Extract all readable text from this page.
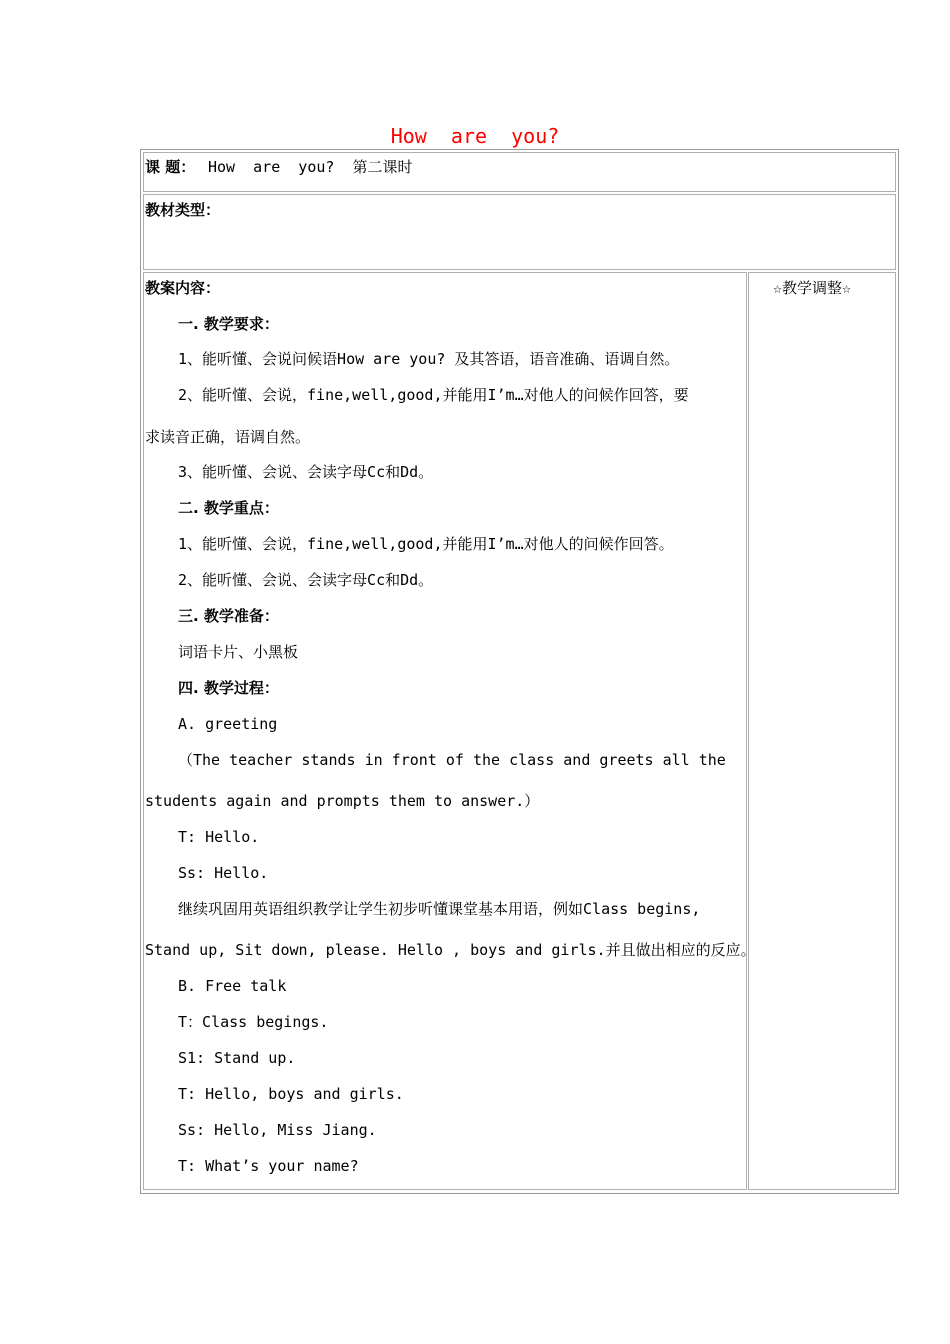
How  are  you?
课 题： How  are  you?  第二课时
教材类型：
教案内容：	☆教学调整☆
一. 教学要求：
1、能听懂、会说问候语How are you? 及其答语，语音准确、语调自然。
2、能听懂、会说，fine,well,good,并能用I’m…对他人的问候作回答，要
求读音正确，语调自然。
3、能听懂、会说、会读字母Cc和Dd。
二. 教学重点：
1、能听懂、会说，fine,well,good,并能用I’m…对他人的问候作回答。
2、能听懂、会说、会读字母Cc和Dd。
三. 教学准备：
词语卡片、小黑板
四. 教学过程：
A. greeting
（The teacher stands in front of the class and greets all the
students again and prompts them to answer.）
T: Hello.
Ss: Hello.
继续巩固用英语组织教学让学生初步听懂课堂基本用语，例如Class begins,
Stand up, Sit down, please. Hello , boys and girls.并且做出相应的反应。
B. Free talk
T：Class begings.
S1: Stand up.
T: Hello, boys and girls.
Ss: Hello, Miss Jiang.
T: What’s your name?
